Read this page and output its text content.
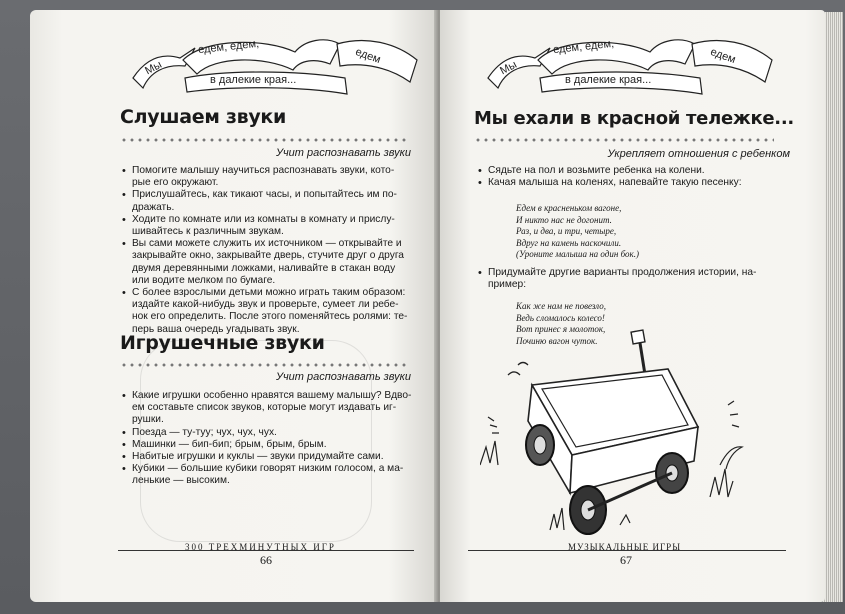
Мы
едем, едем,	едем
в далекие края...
Слушаем звуки
Учит распознавать звуки
• Помогите малышу научиться распознавать звуки, кото-рые его окружают.
• Прислушайтесь, как тикают часы, и попытайтесь им по-дражать.
• Ходите по комнате или из комнаты в комнату и прислу-шивайтесь к различным звукам.
• Вы сами можете служить их источником — открывайте и закрывайте окно, закрывайте дверь, стучите друг о друга двумя деревянными ложками, наливайте в стакан воду или водите мелком по бумаге.
• С более взрослыми детьми можно играть таким образом: издайте какой-нибудь звук и проверьте, сумеет ли ребе-нок его определить. После этого поменяйтесь ролями: те-перь ваша очередь угадывать звук.
Игрушечные звуки
Учит распознавать звуки
• Какие игрушки особенно нравятся вашему малышу? Вдво-ем составьте список звуков, которые могут издавать иг-рушки.
• Поезда — ту-туу; чух, чух, чух.
• Машинки — бип-бип; брым, брым, брым.
• Набитые игрушки и куклы — звуки придумайте сами.
• Кубики — большие кубики говорят низким голосом, а ма-ленькие — высоким.
300 ТРЕХМИНУТНЫХ ИГР
66
Мы
едем, едем,	едем
в далекие края...
Мы ехали в красной тележке...
Укрепляет отношения с ребенком
• Сядьте на пол и возьмите ребенка на колени.
• Качая малыша на коленях, напевайте такую песенку:
Едем в красненьком вагоне,
И никто нас не догонит.
Раз, и два, и три, четыре,
Вдруг на камень наскочили.
(Уроните малыша на один бок.)
• Придумайте другие варианты продолжения истории, на-пример:
Как же нам не повезло,
Ведь сломалось колесо!
Вот принес я молоток,
Починю вагон чуток.
МУЗЫКАЛЬНЫЕ ИГРЫ
67
